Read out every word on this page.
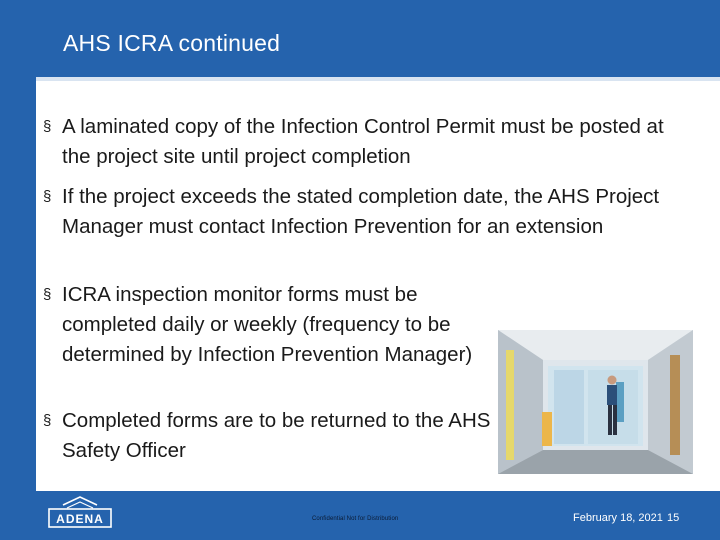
AHS ICRA continued
§ A laminated copy of the Infection Control Permit must be posted at the project site until project completion
§ If the project exceeds the stated completion date, the AHS Project Manager must contact Infection Prevention for an extension
§ ICRA inspection monitor forms must be completed daily or weekly (frequency to be determined by Infection Prevention Manager)
§ Completed forms are to be returned to the AHS Safety Officer
ADENA	Confidential Not for Distribution	February 18, 2021 15
